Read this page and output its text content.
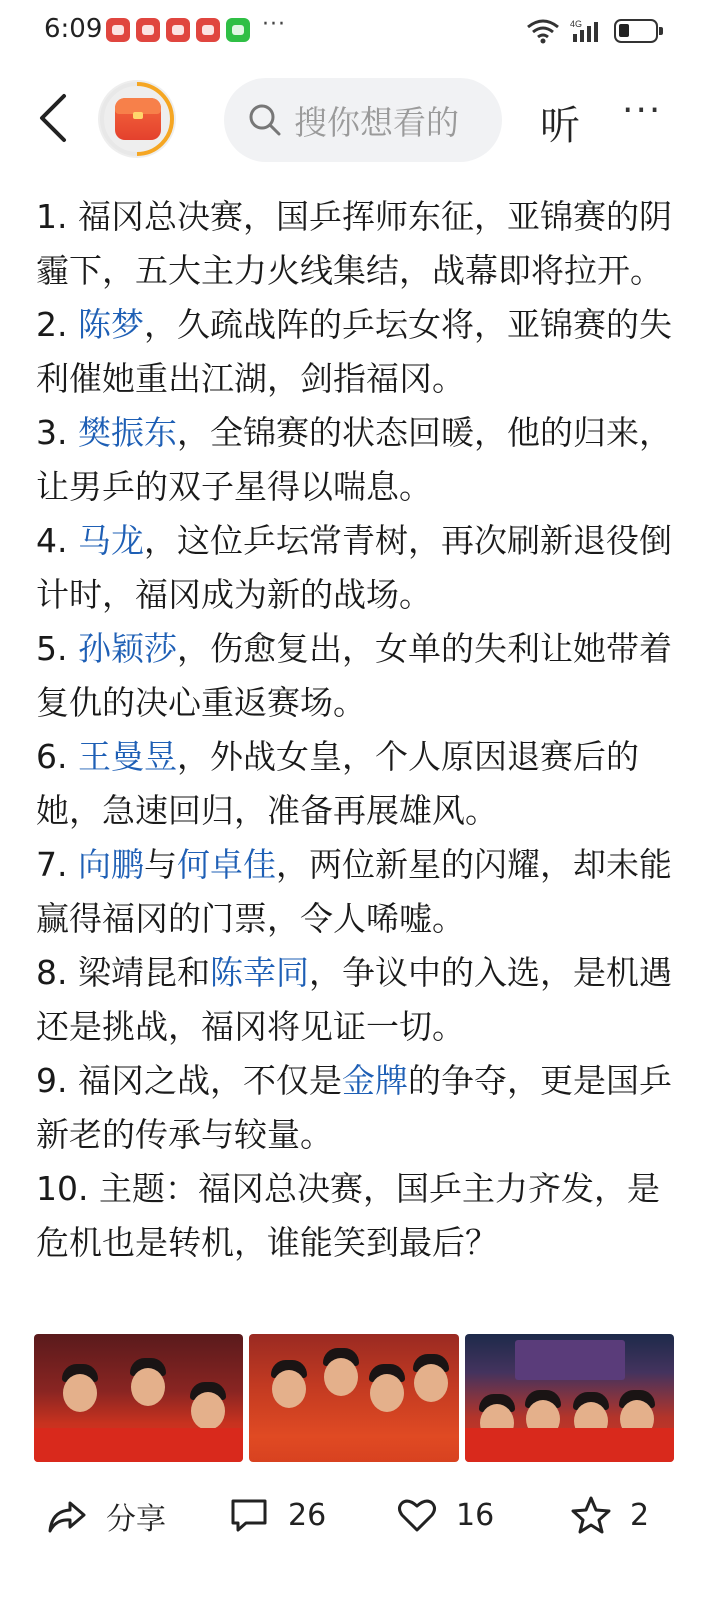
6:09	···	4G
搜你想看的 听 ···

1. 福冈总决赛，国乒挥师东征，亚锦赛的阴霾下，五大主力火线集结，战幕即将拉开。

2. 陈梦，久疏战阵的乒坛女将，亚锦赛的失利催她重出江湖，剑指福冈。

3. 樊振东，全锦赛的状态回暖，他的归来，让男乒的双子星得以喘息。

4. 马龙，这位乒坛常青树，再次刷新退役倒计时，福冈成为新的战场。

5. 孙颖莎，伤愈复出，女单的失利让她带着复仇的决心重返赛场。

6. 王曼昱，外战女皇，个人原因退赛后的她，急速回归，准备再展雄风。

7. 向鹏与何卓佳，两位新星的闪耀，却未能赢得福冈的门票，令人唏嘘。

8. 梁靖昆和陈幸同，争议中的入选，是机遇还是挑战，福冈将见证一切。

9. 福冈之战，不仅是金牌的争夺，更是国乒新老的传承与较量。

10. 主题：福冈总决赛，国乒主力齐发，是危机也是转机，谁能笑到最后？

分享	26	16	2
